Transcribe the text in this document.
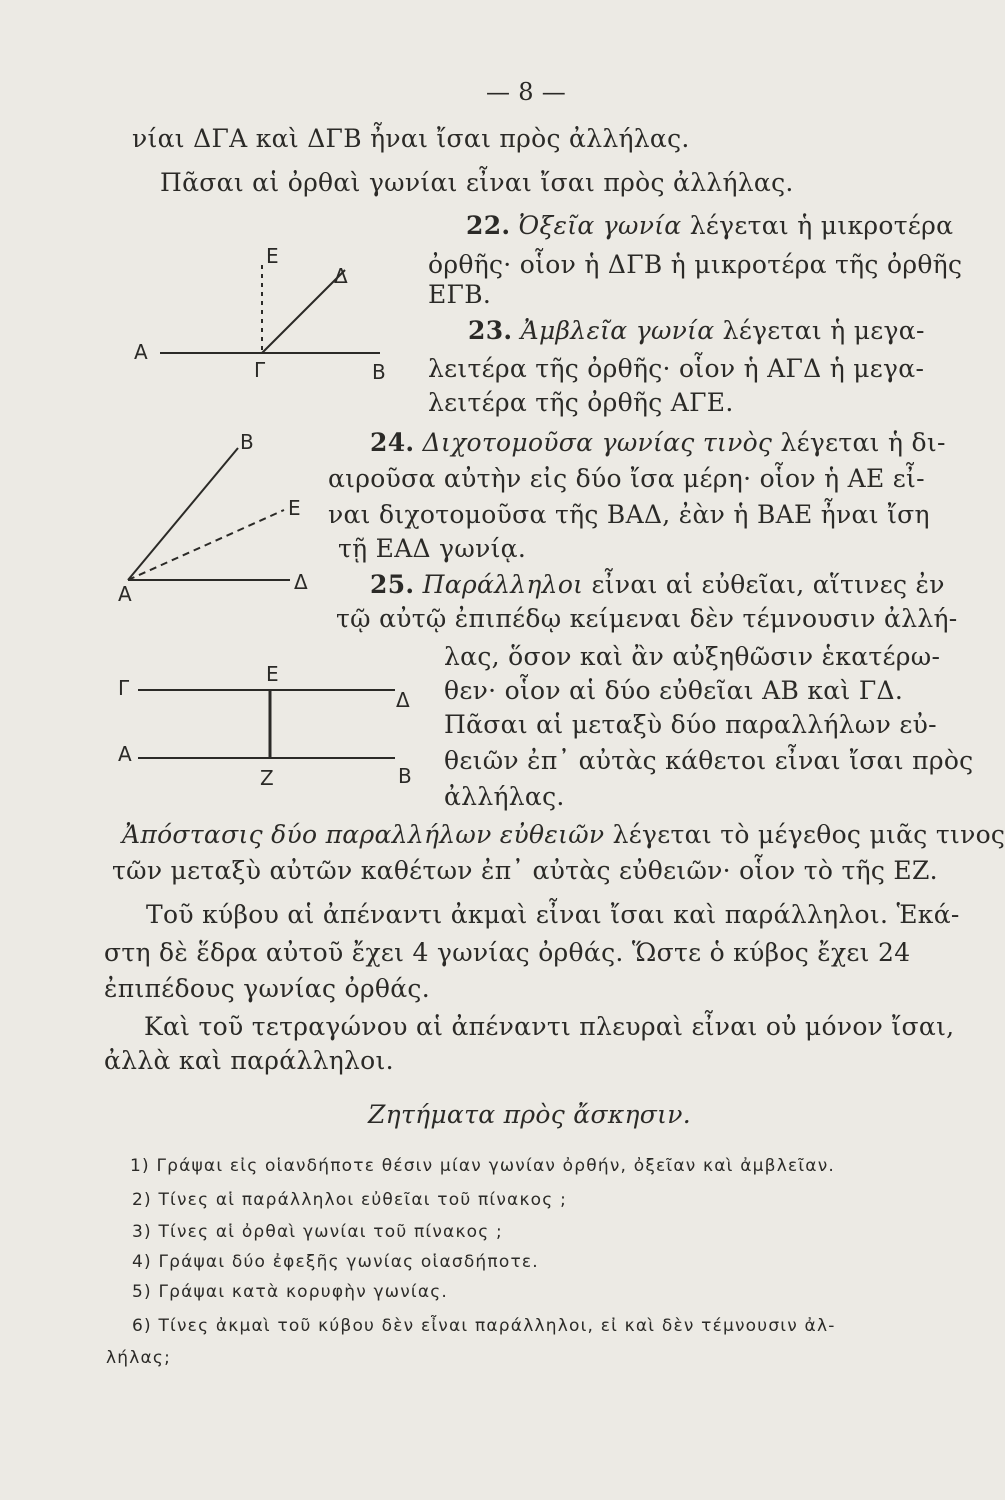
— 8 —
νίαι ΔΓΑ καὶ ΔΓΒ ἦναι ἴσαι πρὸς ἀλλήλας.
Πᾶσαι αἱ ὀρθαὶ γωνίαι εἶναι ἴσαι πρὸς ἀλλήλας.
22. Ὀξεῖα γωνία λέγεται ἡ μικροτέρα
ὀρθῆς· οἷον ἡ ΔΓΒ ἡ μικροτέρα τῆς ὀρθῆς
ΕΓΒ.
23. Ἀμβλεῖα γωνία λέγεται ἡ μεγα-
λειτέρα τῆς ὀρθῆς· οἷον ἡ ΑΓΔ ἡ μεγα-
λειτέρα τῆς ὀρθῆς ΑΓΕ.
24. Διχοτομοῦσα γωνίας τινὸς λέγεται ἡ δι-
αιροῦσα αὐτὴν εἰς δύο ἴσα μέρη· οἷον ἡ ΑΕ εἶ-
ναι διχοτομοῦσα τῆς ΒΑΔ, ἐὰν ἡ ΒΑΕ ἦναι ἴση
τῇ ΕΑΔ γωνίᾳ.
25. Παράλληλοι εἶναι αἱ εὐθεῖαι, αἵτινες ἐν
τῷ αὐτῷ ἐπιπέδῳ κείμεναι δὲν τέμνουσιν ἀλλή-
λας, ὅσον καὶ ἂν αὐξηθῶσιν ἑκατέρω-
θεν· οἷον αἱ δύο εὐθεῖαι ΑΒ καὶ ΓΔ.
Πᾶσαι αἱ μεταξὺ δύο παραλλήλων εὐ-
θειῶν ἐπ᾽ αὐτὰς κάθετοι εἶναι ἴσαι πρὸς
ἀλλήλας.
Ἀπόστασις δύο παραλλήλων εὐθειῶν λέγεται τὸ μέγεθος μιᾶς τινος
τῶν μεταξὺ αὐτῶν καθέτων ἐπ᾽ αὐτὰς εὐθειῶν· οἷον τὸ τῆς ΕΖ.
Τοῦ κύβου αἱ ἀπέναντι ἀκμαὶ εἶναι ἴσαι καὶ παράλληλοι. Ἑκά-
στη δὲ ἕδρα αὐτοῦ ἔχει 4 γωνίας ὀρθάς. Ὥστε ὁ κύβος ἔχει 24
ἐπιπέδους γωνίας ὀρθάς.
Καὶ τοῦ τετραγώνου αἱ ἀπέναντι πλευραὶ εἶναι οὐ μόνον ἴσαι,
ἀλλὰ καὶ παράλληλοι.
Ζητήματα πρὸς ἄσκησιν.
1) Γράψαι εἰς οἱανδήποτε θέσιν μίαν γωνίαν ὀρθήν, ὀξεῖαν καὶ ἀμβλεῖαν.
2) Τίνες αἱ παράλληλοι εὐθεῖαι τοῦ πίνακος ;
3) Τίνες αἱ ὀρθαὶ γωνίαι τοῦ πίνακος ;
4) Γράψαι δύο ἐφεξῆς γωνίας οἱασδήποτε.
5) Γράψαι κατὰ κορυφὴν γωνίας.
6) Τίνες ἀκμαὶ τοῦ κύβου δὲν εἶναι παράλληλοι, εἰ καὶ δὲν τέμνουσιν ἀλ-
λήλας;
Ε
Δ
Α
Γ	Β
Β
Ε
Α	Δ
Ε
Γ	Δ
Α
Ζ	Β
